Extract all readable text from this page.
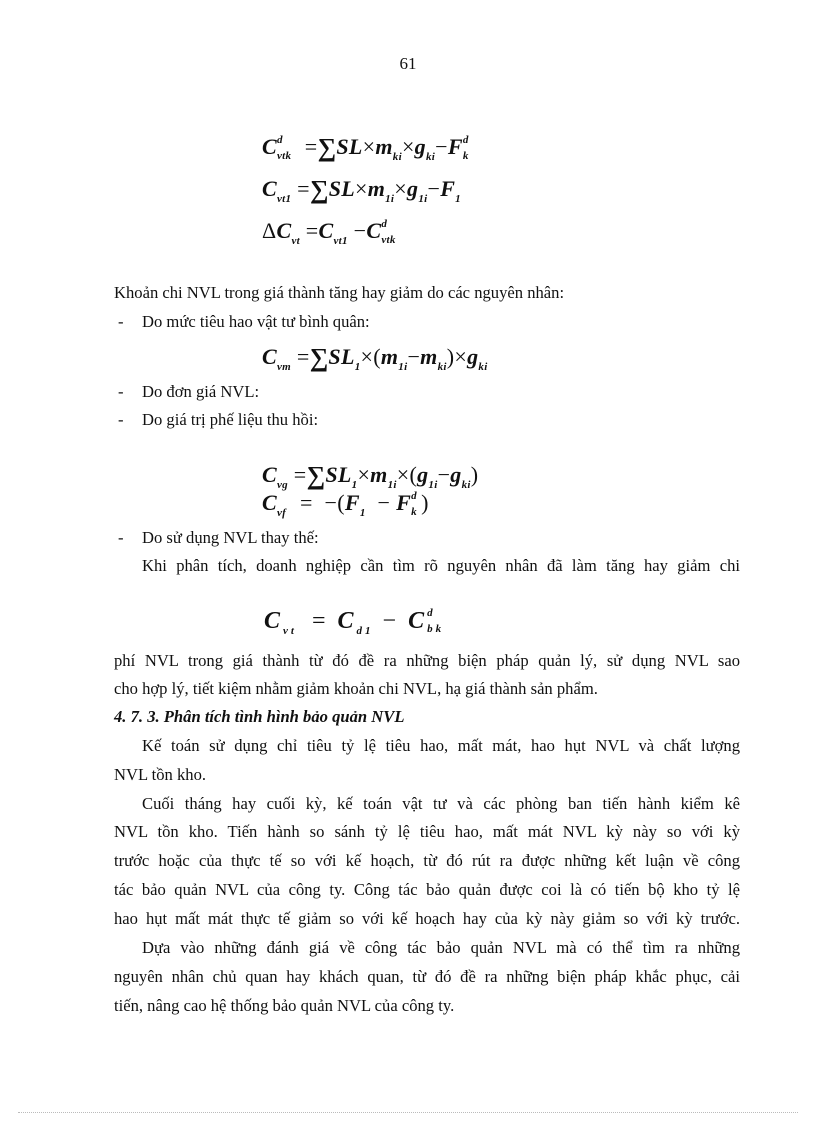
61
C d
vtk $=\sum SL\times m_{ki}\times g_{ki}-F$ d
k
$C_{vt1} =\sum SL\times m_{1i}\times g_{1i}-F_1$
$\Delta C_{vt} =C_{vt1} -C$ d
vtk
Khoản chi NVL trong giá thành tăng hay giảm do các nguyên nhân:
- Do mức tiêu hao vật tư bình quân:
$C_{vm} =\sum SL_1\times(m_{1i}-m_{ki})\times g_{ki}$
- Do đơn giá NVL:
- Do giá trị phế liệu thu hồi:
$C_{vg} =\sum SL_1\times m_{1i}\times(g_{1i}-g_{ki})$
$C_{vf} = -(F_1 - F$ d
k )
- Do sử dụng NVL thay thế:
Khi phân tích, doanh nghiệp cần tìm rõ nguyên nhân đã làm tăng hay giảm chi
$C_{vt} = C_{d1} - C$ d
bk
phí NVL trong giá thành từ đó đề ra những biện pháp quản lý, sử dụng NVL sao
cho hợp lý, tiết kiệm nhằm giảm khoản chi NVL, hạ giá thành sản phẩm.
4. 7. 3. Phân tích tình hình bảo quản NVL
Kế toán sử dụng chỉ tiêu tỷ lệ tiêu hao, mất mát, hao hụt NVL và chất lượng
NVL tồn kho.
Cuối tháng hay cuối kỳ, kế toán vật tư và các phòng ban tiến hành kiểm kê
NVL tồn kho. Tiến hành so sánh tỷ lệ tiêu hao, mất mát NVL kỳ này so với kỳ
trước hoặc của thực tế so với kế hoạch, từ đó rút ra được những kết luận về công
tác bảo quản NVL của công ty. Công tác bảo quản được coi là có tiến bộ kho tỷ lệ
hao hụt mất mát thực tế giảm so với kế hoạch hay của kỳ này giảm so với kỳ trước.
Dựa vào những đánh giá về công tác bảo quản NVL mà có thể tìm ra những
nguyên nhân chủ quan hay khách quan, từ đó đề ra những biện pháp khắc phục, cải
tiến, nâng cao hệ thống bảo quản NVL của công ty.
